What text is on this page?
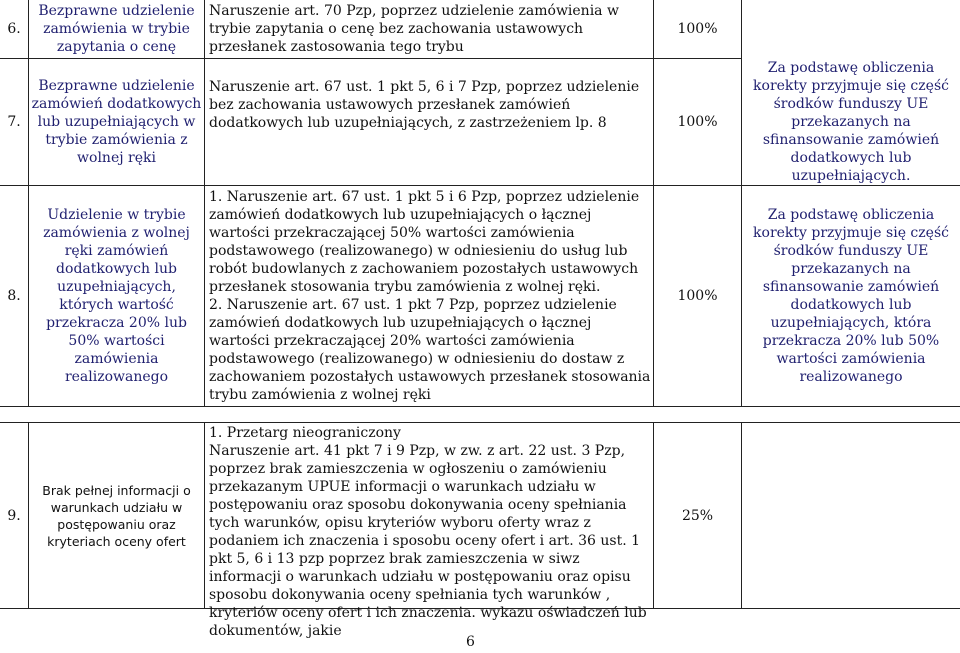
6.
Bezprawne udzielenie zamówienia w trybie zapytania o cenę

Naruszenie art. 70 Pzp, poprzez udzielenie zamówienia w trybie zapytania o cenę bez zachowania ustawowych przesłanek zastosowania tego trybu

100%
7.
Bezprawne udzielenie zamówień dodatkowych lub uzupełniających w trybie zamówienia z wolnej ręki

Naruszenie art. 67 ust. 1 pkt 5, 6 i 7 Pzp, poprzez udzielenie bez zachowania ustawowych przesłanek zamówień dodatkowych lub uzupełniających, z zastrzeżeniem lp. 8	100%
Za podstawę obliczenia korekty przyjmuje się część środków funduszy UE przekazanych na sfinansowanie zamówień dodatkowych lub uzupełniających.
8.
Udzielenie w trybie zamówienia z wolnej ręki zamówień dodatkowych lub uzupełniających, których wartość przekracza 20% lub 50% wartości zamówienia realizowanego

1. Naruszenie art. 67 ust. 1 pkt 5 i 6 Pzp, poprzez udzielenie zamówień dodatkowych lub uzupełniających o łącznej wartości przekraczającej 50% wartości zamówienia podstawowego (realizowanego) w odniesieniu do usług lub robót budowlanych z zachowaniem pozostałych ustawowych przesłanek stosowania trybu zamówienia z wolnej ręki.

2. Naruszenie art. 67 ust. 1 pkt 7 Pzp, poprzez udzielenie zamówień dodatkowych lub uzupełniających o łącznej wartości przekraczającej 20% wartości zamówienia podstawowego (realizowanego) w odniesieniu do dostaw z zachowaniem pozostałych ustawowych przesłanek stosowania trybu zamówienia z wolnej ręki

100%
Za podstawę obliczenia korekty przyjmuje się część środków funduszy UE przekazanych na sfinansowanie zamówień dodatkowych lub uzupełniających, która przekracza 20% lub 50% wartości zamówienia realizowanego
9.
Brak pełnej informacji o warunkach udziału w postępowaniu oraz kryteriach oceny ofert

1. Przetarg nieograniczony

Naruszenie art. 41 pkt 7 i 9 Pzp, w zw. z art. 22 ust. 3 Pzp, poprzez brak zamieszczenia w ogłoszeniu o zamówieniu przekazanym UPUE informacji o warunkach udziału w postępowaniu oraz sposobu dokonywania oceny spełniania tych warunków, opisu kryteriów wyboru oferty wraz z podaniem ich znaczenia i sposobu oceny ofert i art. 36 ust. 1 pkt 5, 6 i 13 pzp poprzez brak zamieszczenia w siwz informacji o warunkach udziału w postępowaniu oraz opisu sposobu dokonywania oceny spełniania tych warunków , kryteriów oceny ofert i ich znaczenia. wykazu oświadczeń lub dokumentów, jakie

25%
6
